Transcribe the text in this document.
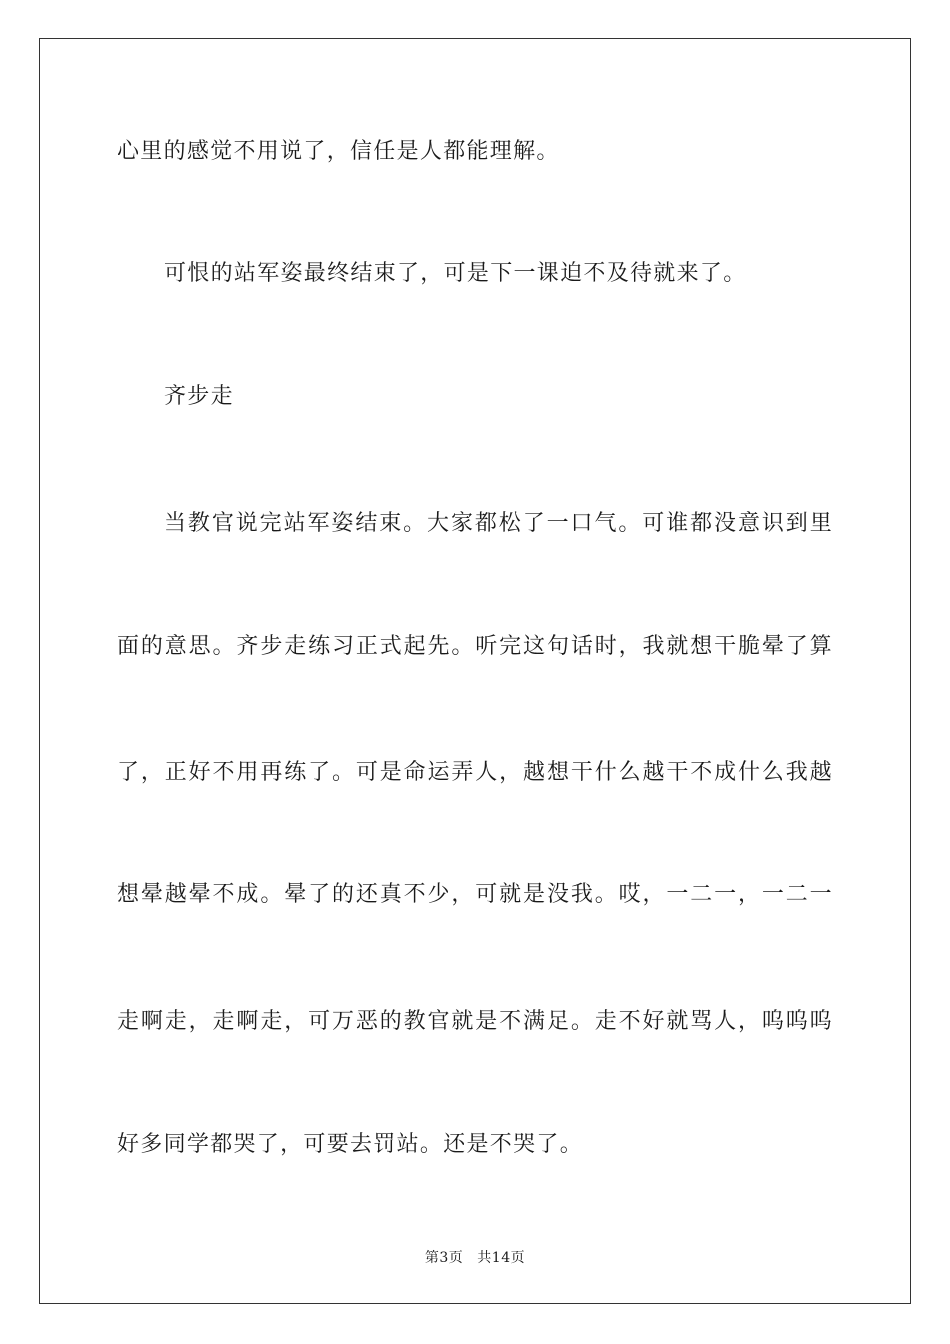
心里的感觉不用说了，信任是人都能理解。
可恨的站军姿最终结束了，可是下一课迫不及待就来了。
齐步走
当教官说完站军姿结束。大家都松了一口气。可谁都没意识到里
面的意思。齐步走练习正式起先。听完这句话时，我就想干脆晕了算
了，正好不用再练了。可是命运弄人，越想干什么越干不成什么我越
想晕越晕不成。晕了的还真不少，可就是没我。哎，一二一，一二一
走啊走，走啊走，可万恶的教官就是不满足。走不好就骂人，呜呜呜
好多同学都哭了，可要去罚站。还是不哭了。
第3页 共14页
